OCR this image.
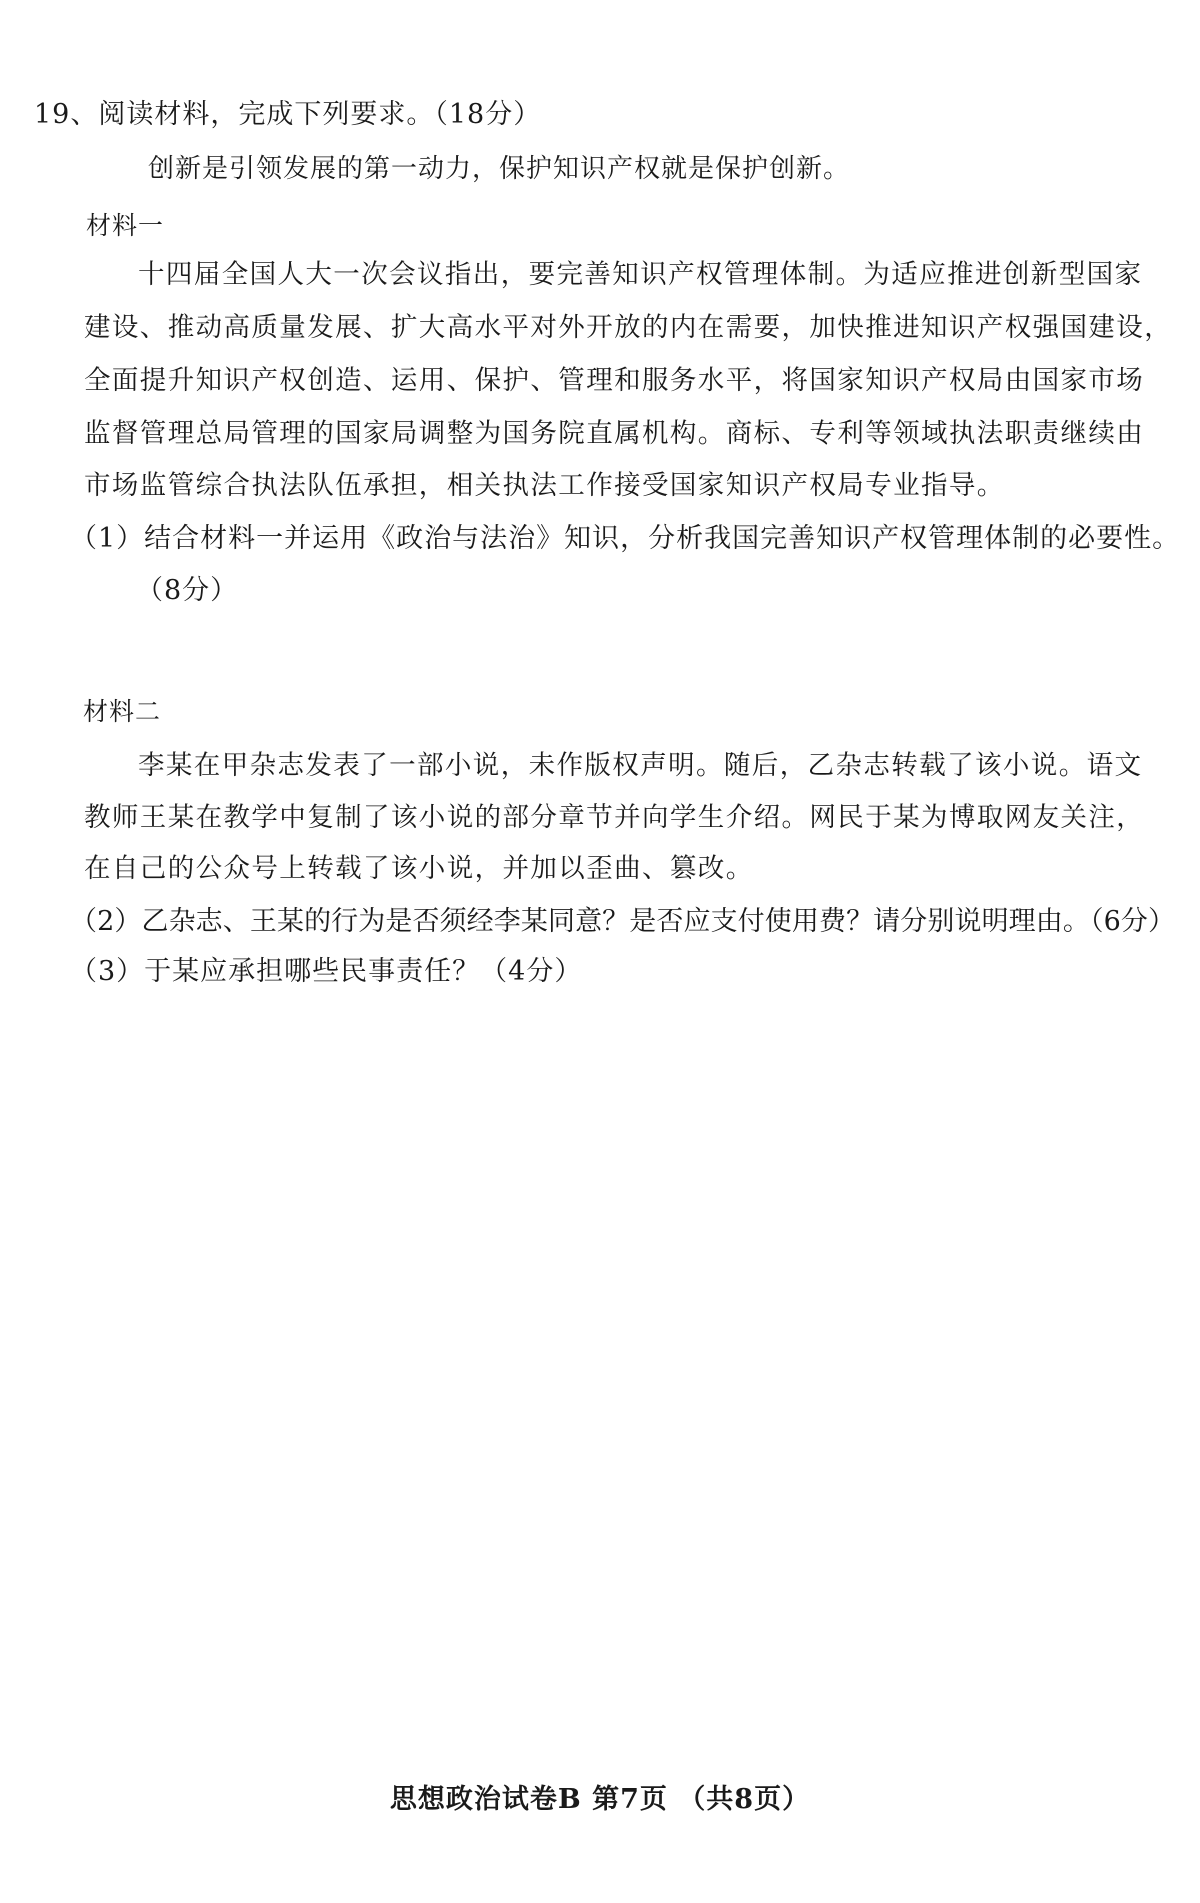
19、阅读材料，完成下列要求。（18分）
创新是引领发展的第一动力，保护知识产权就是保护创新。
材料一
十四届全国人大一次会议指出，要完善知识产权管理体制。为适应推进创新型国家
建设、推动高质量发展、扩大高水平对外开放的内在需要，加快推进知识产权强国建设，
全面提升知识产权创造、运用、保护、管理和服务水平，将国家知识产权局由国家市场
监督管理总局管理的国家局调整为国务院直属机构。商标、专利等领域执法职责继续由
市场监管综合执法队伍承担，相关执法工作接受国家知识产权局专业指导。
（1）结合材料一并运用《政治与法治》知识，分析我国完善知识产权管理体制的必要性。
（8分）
材料二
李某在甲杂志发表了一部小说，未作版权声明。随后，乙杂志转载了该小说。语文
教师王某在教学中复制了该小说的部分章节并向学生介绍。网民于某为博取网友关注，
在自己的公众号上转载了该小说，并加以歪曲、篡改。
（2）乙杂志、王某的行为是否须经李某同意？是否应支付使用费？请分别说明理由。（6分）
（3）于某应承担哪些民事责任？（4分）
思想政治试卷B 第7页 （共8页）
